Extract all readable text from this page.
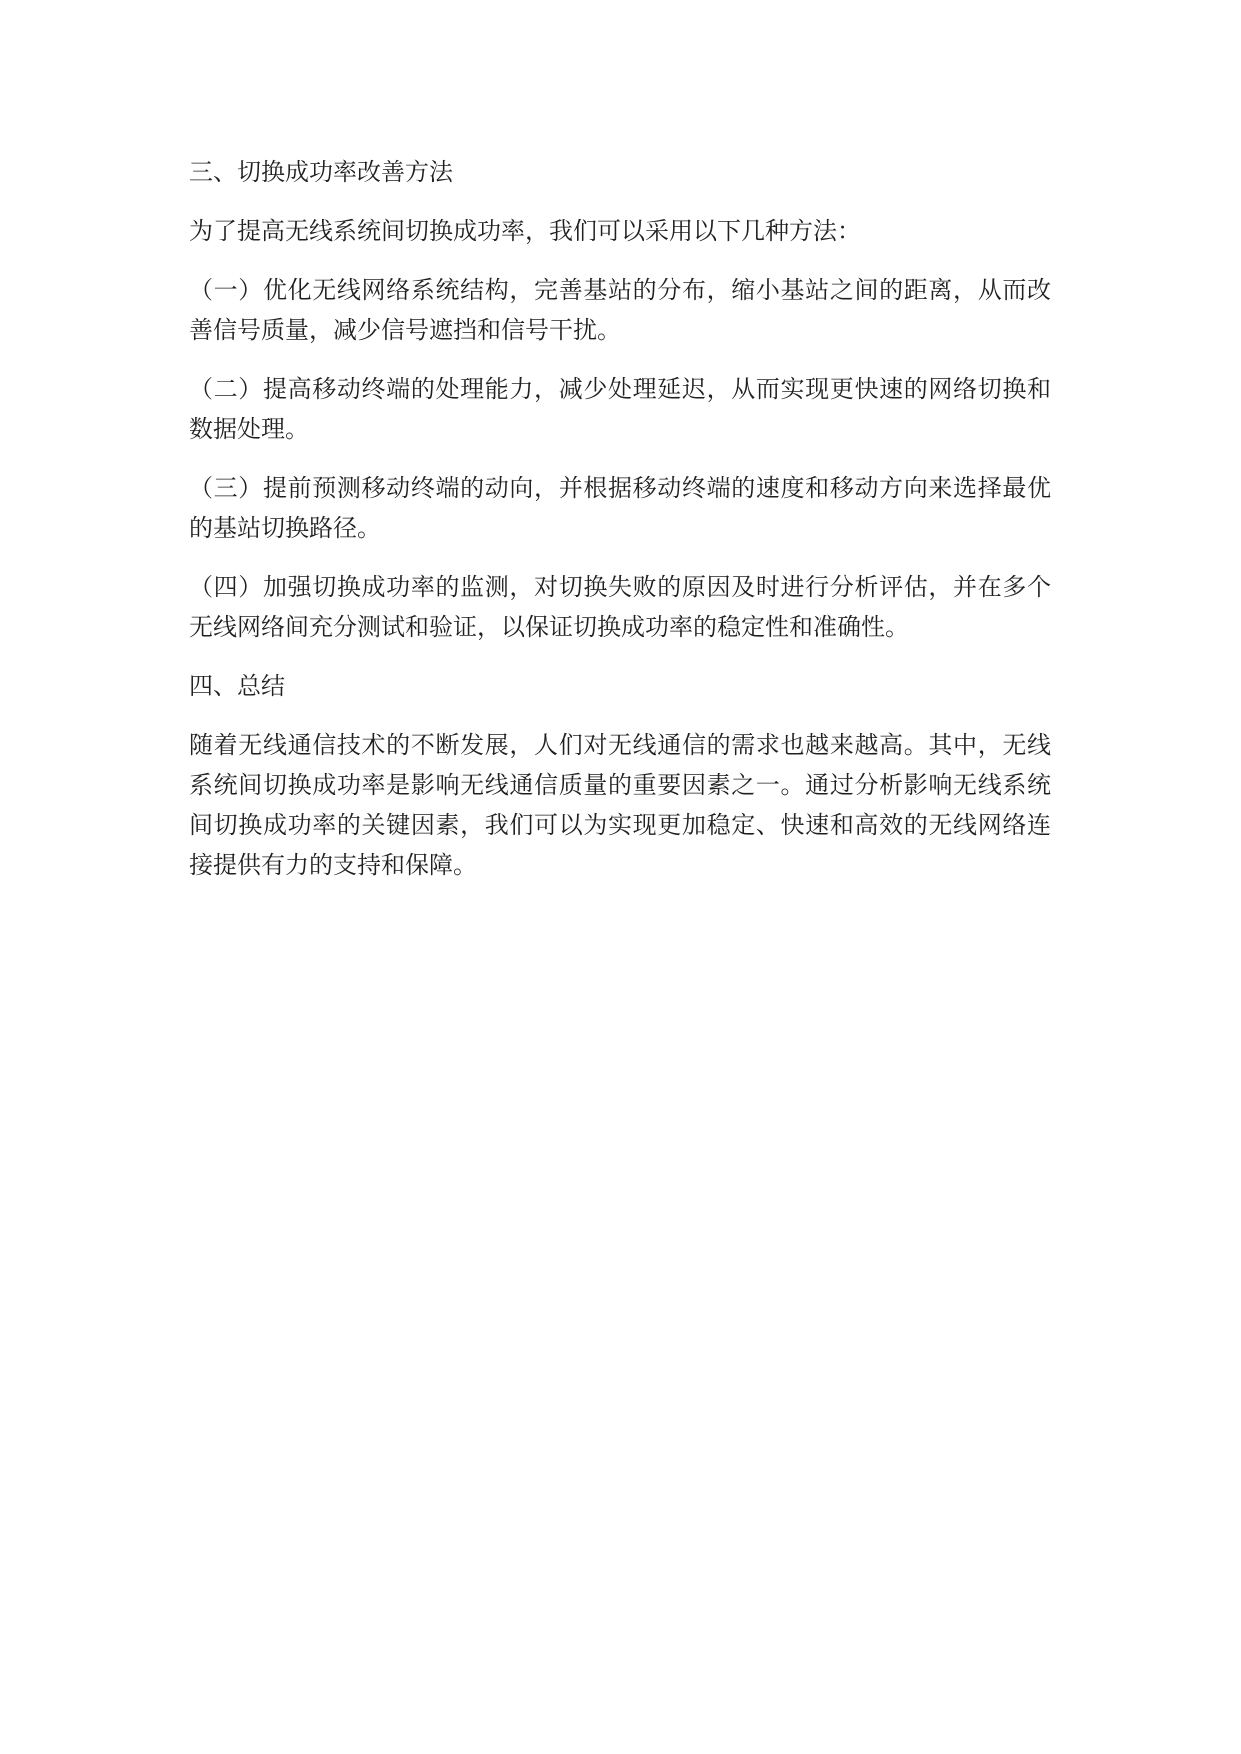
三、切换成功率改善方法

为了提高无线系统间切换成功率，我们可以采用以下几种方法：

（一）优化无线网络系统结构，完善基站的分布，缩小基站之间的距离，从而改善信号质量，减少信号遮挡和信号干扰。

（二）提高移动终端的处理能力，减少处理延迟，从而实现更快速的网络切换和数据处理。

（三）提前预测移动终端的动向，并根据移动终端的速度和移动方向来选择最优的基站切换路径。

（四）加强切换成功率的监测，对切换失败的原因及时进行分析评估，并在多个无线网络间充分测试和验证，以保证切换成功率的稳定性和准确性。

四、总结

随着无线通信技术的不断发展，人们对无线通信的需求也越来越高。其中，无线系统间切换成功率是影响无线通信质量的重要因素之一。通过分析影响无线系统间切换成功率的关键因素，我们可以为实现更加稳定、快速和高效的无线网络连接提供有力的支持和保障。
